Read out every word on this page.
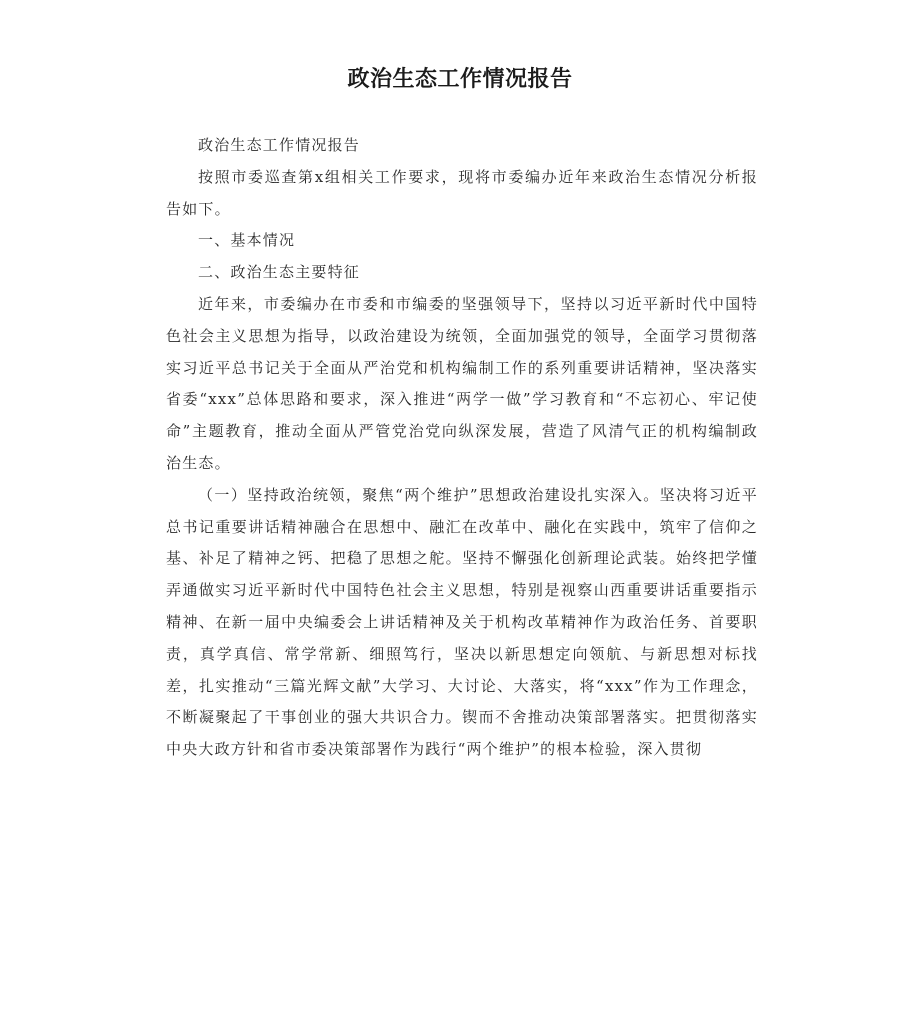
政治生态工作情况报告

政治生态工作情况报告

按照市委巡查第x组相关工作要求，现将市委编办近年来政治生态情况分析报告如下。

一、基本情况

二、政治生态主要特征

近年来，市委编办在市委和市编委的坚强领导下，坚持以习近平新时代中国特色社会主义思想为指导，以政治建设为统领，全面加强党的领导，全面学习贯彻落实习近平总书记关于全面从严治党和机构编制工作的系列重要讲话精神，坚决落实省委“xxx”总体思路和要求，深入推进“两学一做”学习教育和“不忘初心、牢记使命”主题教育，推动全面从严管党治党向纵深发展，营造了风清气正的机构编制政治生态。

（一）坚持政治统领，聚焦“两个维护”思想政治建设扎实深入。坚决将习近平总书记重要讲话精神融合在思想中、融汇在改革中、融化在实践中，筑牢了信仰之基、补足了精神之钙、把稳了思想之舵。坚持不懈强化创新理论武装。始终把学懂弄通做实习近平新时代中国特色社会主义思想，特别是视察山西重要讲话重要指示精神、在新一届中央编委会上讲话精神及关于机构改革精神作为政治任务、首要职责，真学真信、常学常新、细照笃行，坚决以新思想定向领航、与新思想对标找差，扎实推动“三篇光辉文献”大学习、大讨论、大落实，将“xxx”作为工作理念，不断凝聚起了干事创业的强大共识合力。锲而不舍推动决策部署落实。把贯彻落实中央大政方针和省市委决策部署作为践行“两个维护”的根本检验，深入贯彻
